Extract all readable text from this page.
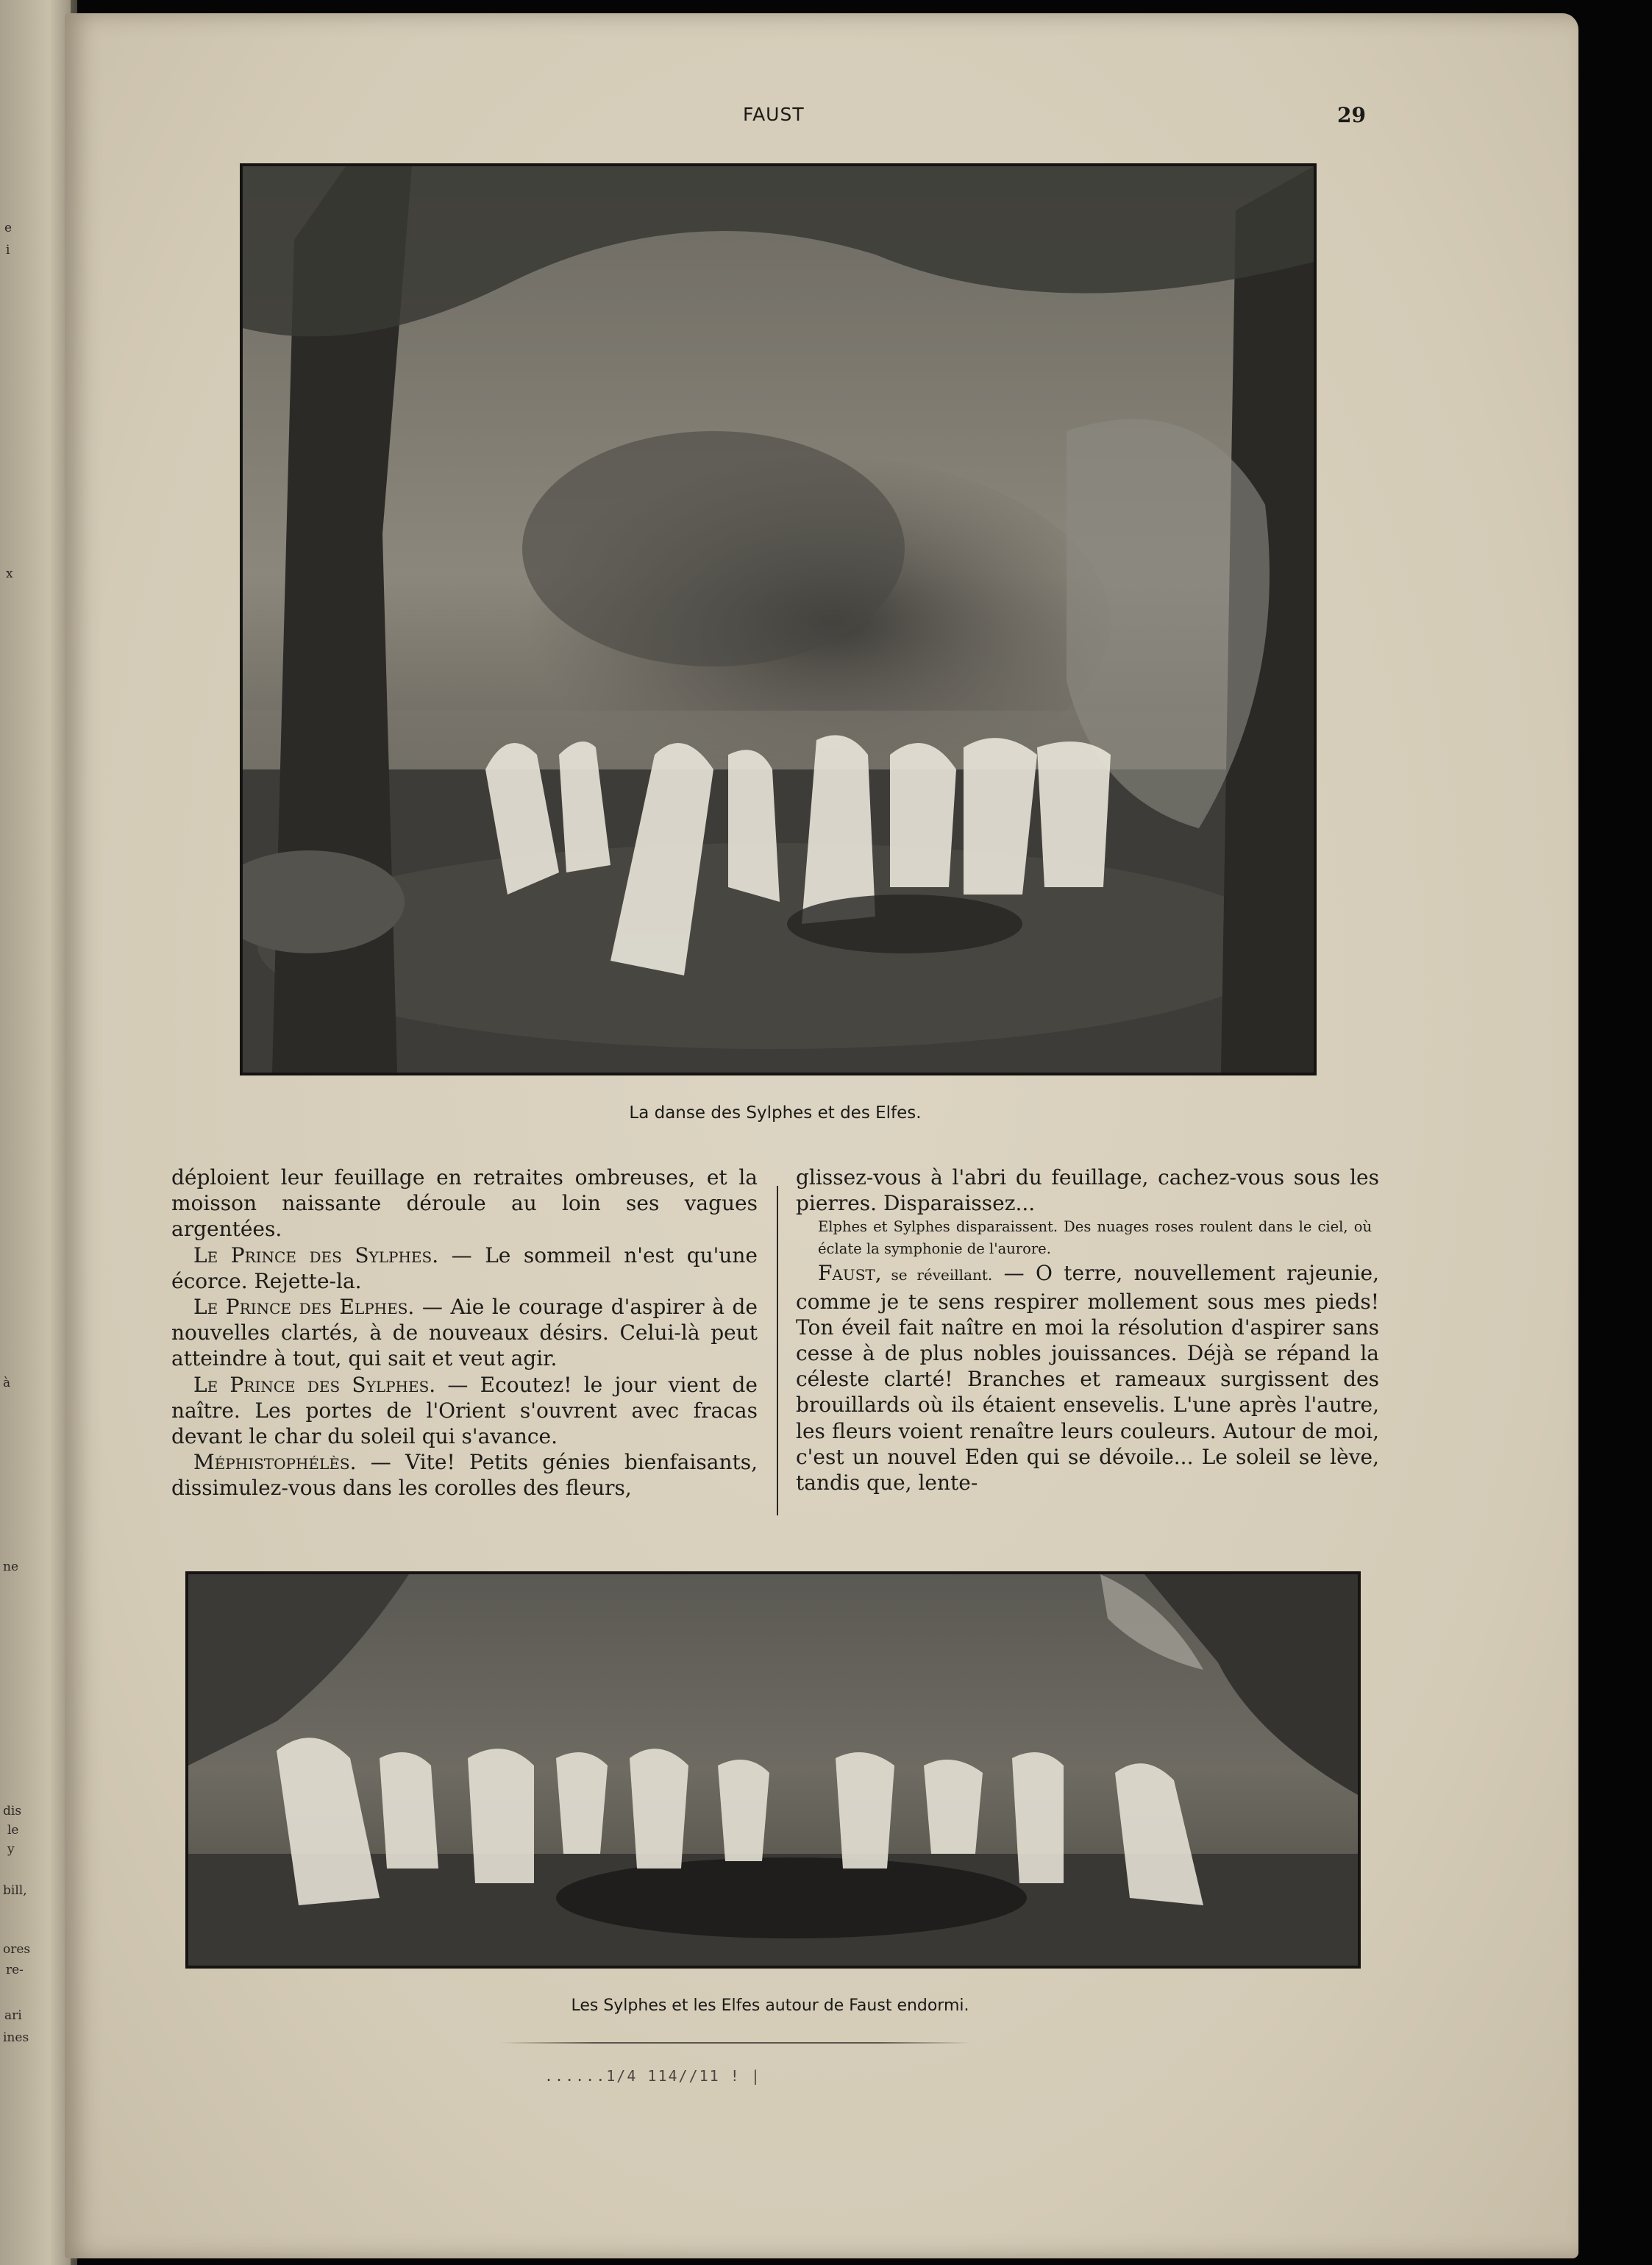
e
i
x
à
ne
dis
le
y
bill,
ores
re-
ari
ines
FAUST	29
La danse des Sylphes et des Elfes.

déploient leur feuillage en retraites ombreuses, et la moisson naissante déroule au loin ses vagues argentées.

Le Prince des Sylphes. — Le sommeil n'est qu'une écorce. Rejette-la.

Le Prince des Elphes. — Aie le courage d'aspirer à de nouvelles clartés, à de nouveaux désirs. Celui-là peut atteindre à tout, qui sait et veut agir.

Le Prince des Sylphes. — Ecoutez! le jour vient de naître. Les portes de l'Orient s'ouvrent avec fracas devant le char du soleil qui s'avance.

Méphistophélès. — Vite! Petits génies bienfaisants, dissimulez-vous dans les corolles des fleurs,

glissez-vous à l'abri du feuillage, cachez-vous sous les pierres. Disparaissez...

Elphes et Sylphes disparaissent. Des nuages roses roulent dans le ciel, où éclate la symphonie de l'aurore.

Faust, se réveillant. — O terre, nouvellement rajeunie, comme je te sens respirer mollement sous mes pieds! Ton éveil fait naître en moi la résolution d'aspirer sans cesse à de plus nobles jouissances. Déjà se répand la céleste clarté! Branches et rameaux surgissent des brouillards où ils étaient ensevelis. L'une après l'autre, les fleurs voient renaître leurs couleurs. Autour de moi, c'est un nouvel Eden qui se dévoile... Le soleil se lève, tandis que, lente-

Les Sylphes et les Elfes autour de Faust endormi.
......1/4 114//11 ! |
